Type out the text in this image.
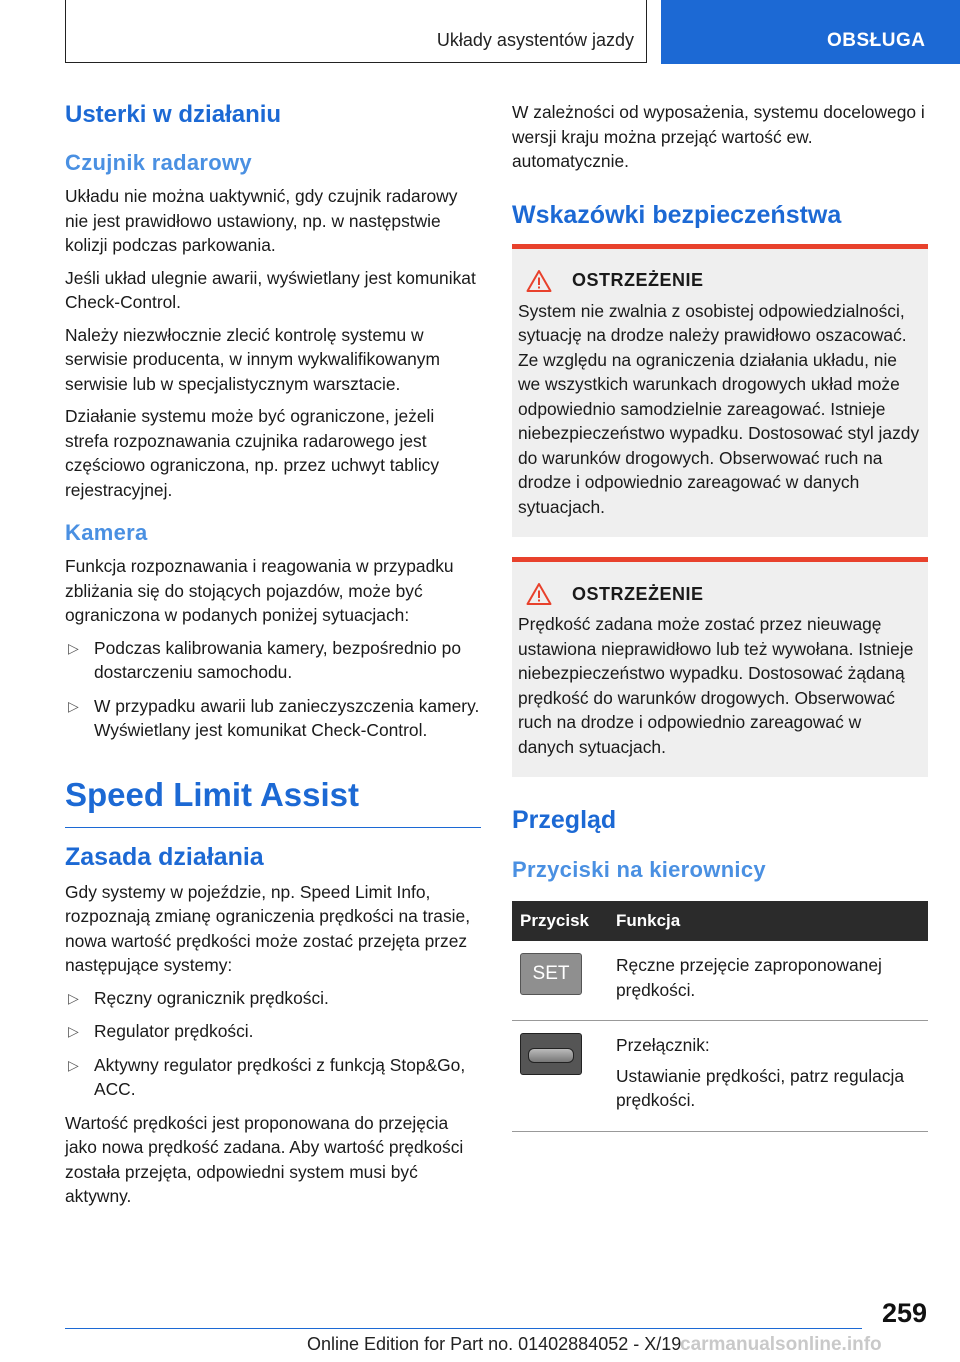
Układy asystentów jazdy	OBSŁUGA
Usterki w działaniu
Czujnik radarowy

Układu nie można uaktywnić, gdy czujnik radarowy nie jest prawidłowo ustawiony, np. w następstwie kolizji podczas parkowania.

Jeśli układ ulegnie awarii, wyświetlany jest komunikat Check-Control.

Należy niezwłocznie zlecić kontrolę systemu w serwisie producenta, w innym wykwalifikowanym serwisie lub w specjalistycznym warsztacie.

Działanie systemu może być ograniczone, jeżeli strefa rozpoznawania czujnika radarowego jest częściowo ograniczona, np. przez uchwyt tablicy rejestracyjnej.

Kamera

Funkcja rozpoznawania i reagowania w przypadku zbliżania się do stojących pojazdów, może być ograniczona w podanych poniżej sytuacjach:

▷ Podczas kalibrowania kamery, bezpośrednio po dostarczeniu samochodu.
▷ W przypadku awarii lub zanieczyszczenia kamery. Wyświetlany jest komunikat Check-Control.
Speed Limit Assist
Zasada działania

Gdy systemy w pojeździe, np. Speed Limit Info, rozpoznają zmianę ograniczenia prędkości na trasie, nowa wartość prędkości może zostać przejęta przez następujące systemy:

▷ Ręczny ogranicznik prędkości.
▷ Regulator prędkości.
▷ Aktywny regulator prędkości z funkcją Stop&Go, ACC.

Wartość prędkości jest proponowana do przejęcia jako nowa prędkość zadana. Aby wartość prędkości została przejęta, odpowiedni system musi być aktywny.

W zależności od wyposażenia, systemu docelowego i wersji kraju można przejąć wartość ew. automatycznie.

Wskazówki bezpieczeństwa
OSTRZEŻENIE

System nie zwalnia z osobistej odpowiedzialności, sytuację na drodze należy prawidłowo oszacować. Ze względu na ograniczenia działania układu, nie we wszystkich warunkach drogowych układ może odpowiednio samodzielnie zareagować. Istnieje niebezpieczeństwo wypadku. Dostosować styl jazdy do warunków drogowych. Obserwować ruch na drodze i odpowiednio zareagować w danych sytuacjach.

OSTRZEŻENIE

Prędkość zadana może zostać przez nieuwagę ustawiona nieprawidłowo lub też wywołana. Istnieje niebezpieczeństwo wypadku. Dostosować żądaną prędkość do warunków drogowych. Obserwować ruch na drodze i odpowiednio zareagować w danych sytuacjach.

Przegląd
Przyciski na kierownicy
Przycisk	Funkcja

SET	Ręczne przejęcie zaproponowanej prędkości.

	Przełącznik:

Ustawianie prędkości, patrz regulacja prędkości.

259
Online Edition for Part no. 01402884052 - X/19
carmanualsonline.info
